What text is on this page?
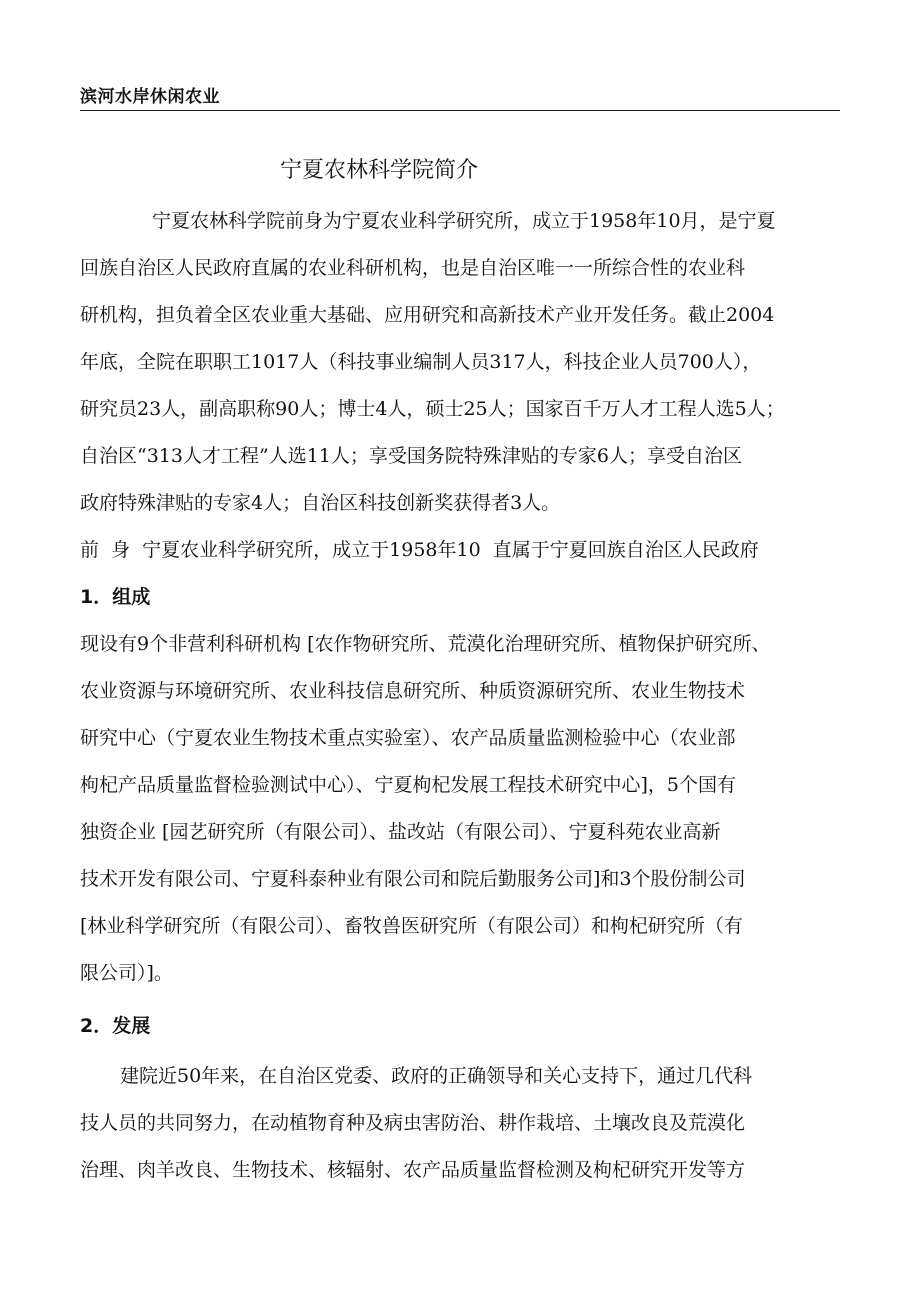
滨河水岸休闲农业
宁夏农林科学院简介
宁夏农林科学院前身为宁夏农业科学研究所，成立于1958年10月，是宁夏
回族自治区人民政府直属的农业科研机构，也是自治区唯一一所综合性的农业科
研机构，担负着全区农业重大基础、应用研究和高新技术产业开发任务。截止2004
年底，全院在职职工1017人（科技事业编制人员317人，科技企业人员700人），
研究员23人，副高职称90人；博士4人，硕士25人；国家百千万人才工程人选5人；
自治区“313人才工程”人选11人；享受国务院特殊津贴的专家6人；享受自治区
政府特殊津贴的专家4人；自治区科技创新奖获得者3人。
前  身  宁夏农业科学研究所，成立于1958年10  直属于宁夏回族自治区人民政府
1．组成
现设有9个非营利科研机构 [农作物研究所、荒漠化治理研究所、植物保护研究所、
农业资源与环境研究所、农业科技信息研究所、种质资源研究所、农业生物技术
研究中心（宁夏农业生物技术重点实验室）、农产品质量监测检验中心（农业部
枸杞产品质量监督检验测试中心）、宁夏枸杞发展工程技术研究中心]，5个国有
独资企业 [园艺研究所（有限公司）、盐改站（有限公司）、宁夏科苑农业高新
技术开发有限公司、宁夏科泰种业有限公司和院后勤服务公司]和3个股份制公司
[林业科学研究所（有限公司）、畜牧兽医研究所（有限公司）和枸杞研究所（有
限公司）]。
2．发展
建院近50年来，在自治区党委、政府的正确领导和关心支持下，通过几代科
技人员的共同努力，在动植物育种及病虫害防治、耕作栽培、土壤改良及荒漠化
治理、肉羊改良、生物技术、核辐射、农产品质量监督检测及枸杞研究开发等方
